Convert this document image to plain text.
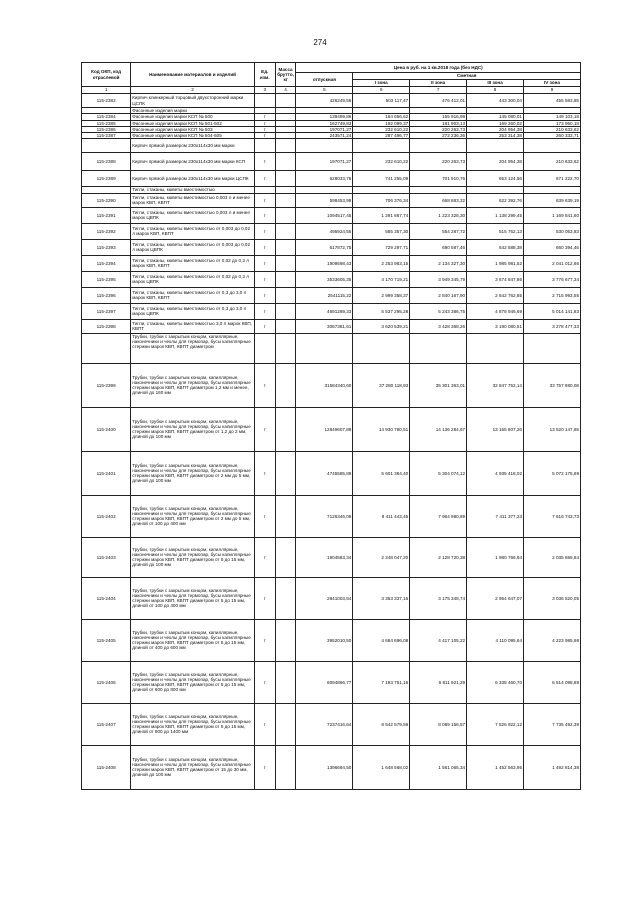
274
Код ОКП, код отраслевой	Наименование материалов и изделий	Ед. изм.	Масса брутто, кг	Цена в руб. на 1 кв.2018 года (без НДС)				
				отпускная	Сметная			
					I зона	II зона	III зона	IV зона
1	2	3	4	5	6	7	8	9
115-2382	Кирпич клинкерный торцовый двухсторонний марки ЦСПК			426249,56	503 117,47	476 412,01	443 300,04	455 583,85
	Фасонные изделия марки							
115-2384	Фасонные изделия марки КСП № 500	т		139499,86	164 656,62	155 916,99	145 080,01	149 103,18
115-2385	Фасонные изделия марки КСП № 501-502	т		162749,83	192 099,37	181 903,13	169 260,02	173 950,18
115-2386	Фасонные изделия марки КСП № 503	т		197071,27	232 610,22	220 263,73	204 954,38	210 633,62
115-2387	Фасонные изделия марки КСП № 504-505	т		243571,24	287 496,77	272 236,36	253 314,38	260 333,71
	Кирпич прямой размером 230х114х30 мм марки							
115-2388	Кирпич прямой размером 230х114х30 мм марки КСП	т		197071,27	232 610,22	220 263,73	204 954,38	210 633,62
115-2389	Кирпич прямой размером 230х114х30 мм марки ЦСПК	т		628033,76	741 255,09	701 910,76	653 124,56	671 222,70
	Тигли, стаканы, кюветы вместимостью							
115-2390	Тигли, стаканы, кюветы вместимостью 0,003 л и менее марок КВП, КВПТ	т		598453,99	706 376,34	668 883,32	622 392,76	639 639,19
115-2391	Тигли, стаканы, кюветы вместимостью 0,003 л и менее марок ЦВПК	т		1094517,45	1 291 867,74	1 223 328,30	1 138 299,45	1 169 841,60
115-2392	Тигли, стаканы, кюветы вместимостью от 0,003 до 0,02 л марок КВП, КВПТ	т		495924,55	585 357,30	554 287,72	515 762,13	530 053,83
115-2393	Тигли, стаканы, кюветы вместимостью от 0,003 до 0,02 л марок ЦВПК	т		617872,75	729 297,71	690 587,46	642 588,38	660 394,46
115-2394	Тигли, стаканы, кюветы вместимостью от 0,02 до 0,3 л марок КВП, КВПТ	т		1909598,43	2 253 983,15	2 134 327,30	1 985 981,52	2 041 012,66
115-2395	Тигли, стаканы, кюветы вместимостью от 0,02 до 0,3 л марок ЦВПК	т		3533605,35	4 170 719,21	3 949 345,79	3 674 847,86	3 776 677,34
115-2396	Тигли, стаканы, кюветы вместимостью от 0,3 до 3,0 л марок КВП, КВПТ	т		2541115,22	2 999 358,37	2 840 167,90	2 642 762,85	2 715 993,55
115-2397	Тигли, стаканы, кюветы вместимостью от 0,3 до 3,0 л марок ЦВПК	т		4691289,33	5 537 295,28	5 243 386,75	4 878 946,69	5 014 141,83
115-2398	Тигли, стаканы, кюветы вместимостью 3,0 л марок КВП, КВПТ	т		3067381,61	3 620 539,21	3 428 368,26	3 190 080,51	3 278 477,33
	Трубки, трубки с закрытым концом, капиллярные, наконечники и чехлы для термопар, бусы капиллярные стержни марок КВП, КВПТ диаметром							
115-2399	Трубки, трубки с закрытым концом, капиллярные, наконечники и чехлы для термопар, бусы капиллярные стержни марок КВП, КВПТ диаметром 1,2 мм и менее, длиной до 160 мм	т		31584340,60	37 280 118,93	35 301 363,01	32 847 752,14	33 757 980,08
115-2400	Трубки, трубки с закрытым концом, капиллярные, наконечники и чехлы для термопар, бусы капиллярные стержни марок КВП, КВПТ диаметром от 1,2 до 2 мм, длиной до 100 мм	т		12849607,89	14 930 780,51	14 136 284,67	13 155 807,26	13 520 147,65
115-2401	Трубки, трубки с закрытым концом, капиллярные, наконечники и чехлы для термопар, бусы капиллярные стержни марок КВП, КВПТ диаметром от 2 мм до 5 мм, длиной до 100 мм	т		4745585,89	5 601 384,40	5 304 074,12	4 935 418,02	5 072 175,69
115-2402	Трубки, трубки с закрытым концом, капиллярные, наконечники и чехлы для термопар, бусы капиллярные стержни марок КВП, КВПТ диаметром от 2 мм до 5 мм, длиной от 100 до 400 мм	т		7126346,09	8 411 443,45	7 964 980,89	7 411 377,23	7 616 743,73
115-2403	Трубки, трубки с закрытым концом, капиллярные, наконечники и чехлы для термопар, бусы капиллярные стержни марок КВП, КВПТ диаметром от 5 до 15 мм, длиной до 100 мм	т		1904583,34	2 248 047,20	2 128 720,38	1 980 766,94	2 035 655,84
115-2404	Трубки, трубки с закрытым концом, капиллярные, наконечники и чехлы для термопар, бусы капиллярные стержни марок КВП, КВПТ диаметром от 5 до 15 мм, длиной от 100 до 400 мм	т		2841003,54	3 353 337,16	3 175 348,74	2 954 647,07	3 036 520,05
115-2405	Трубки, трубки с закрытым концом, капиллярные, наконечники и чехлы для термопар, бусы капиллярные стержни марок КВП, КВПТ диаметром от 5 до 15 мм, длиной от 400 до 600 мм	т		3952010,50	4 664 696,08	4 417 105,22	4 110 095,64	4 223 985,98
115-2406	Трубки, трубки с закрытым концом, капиллярные, наконечники и чехлы для термопар, бусы капиллярные стержни марок КВП, КВПТ диаметром от 5 до 15 мм, длиной от 600 до 800 мм	т		6094866,77	7 193 751,16	6 811 921,29	6 338 460,70	6 514 098,89
115-2407	Трубки, трубки с закрытым концом, капиллярные, наконечники и чехлы для термопар, бусы капиллярные стержни марок КВП, КВПТ диаметром от 5 до 15 мм, длиной от 800 до 1400 мм	т		7237416,64	8 542 579,59	8 089 156,57	7 526 922,12	7 735 492,39
115-2408	Трубки, трубки с закрытым концом, капиллярные, наконечники и чехлы для термопар, бусы капиллярные стержни марок КВП, КВПТ диаметром от 15 до 30 мм, длиной до 100 мм	т		1396694,50	1 648 568,02	1 561 065,34	1 452 563,95	1 492 814,38
